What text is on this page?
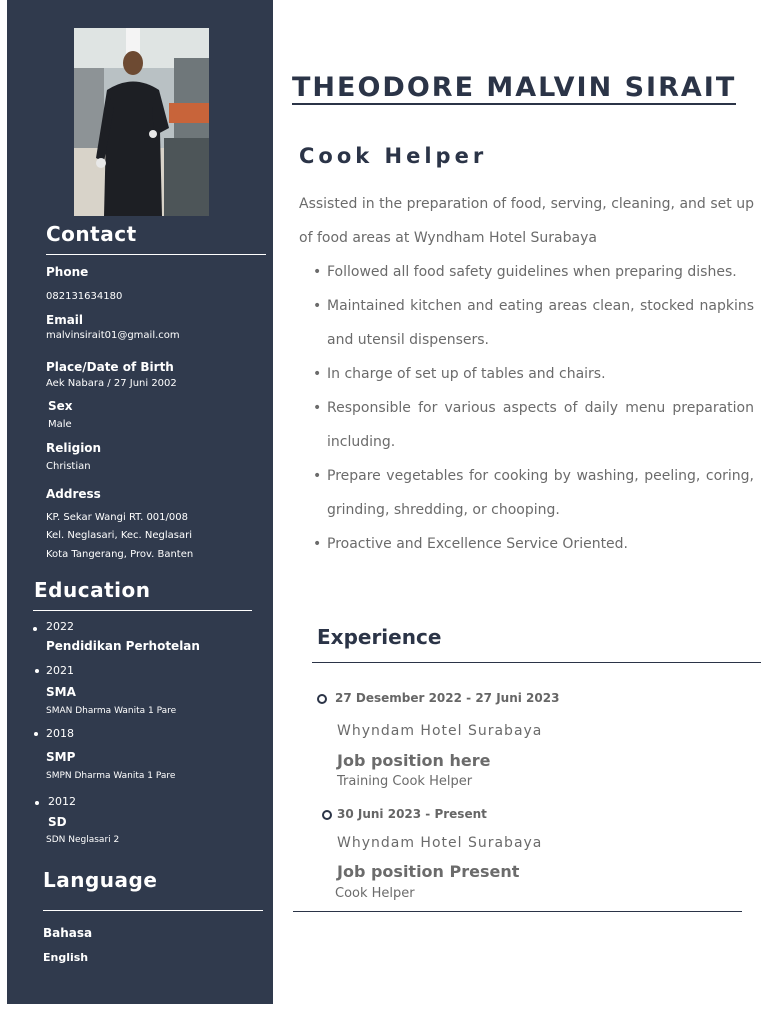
Contact
Phone
082131634180
Email
malvinsirait01@gmail.com
Place/Date of Birth
Aek Nabara / 27 Juni 2002
Sex
Male
Religion
Christian
Address
KP. Sekar Wangi RT. 001/008
Kel. Neglasari, Kec. Neglasari
Kota Tangerang, Prov. Banten
Education
2022
Pendidikan Perhotelan
2021
SMA
SMAN Dharma Wanita 1 Pare
2018
SMP
SMPN Dharma Wanita 1 Pare
2012
SD
SDN Neglasari 2
Language
Bahasa
English
THEODORE MALVIN SIRAIT
Cook Helper

Assisted in the preparation of food, serving, cleaning, and set up of food areas at Wyndham Hotel Surabaya

• Followed all food safety guidelines when preparing dishes.
• Maintained kitchen and eating areas clean, stocked napkins and utensil dispensers.
• In charge of set up of tables and chairs.
• Responsible for various aspects of daily menu preparation including.
• Prepare vegetables for cooking by washing, peeling, coring, grinding, shredding, or chooping.
• Proactive and Excellence Service Oriented.
Experience
27 Desember 2022 - 27 Juni 2023
Whyndam Hotel Surabaya
Job position here
Training Cook Helper
30 Juni 2023 - Present
Whyndam Hotel Surabaya
Job position Present
Cook Helper
